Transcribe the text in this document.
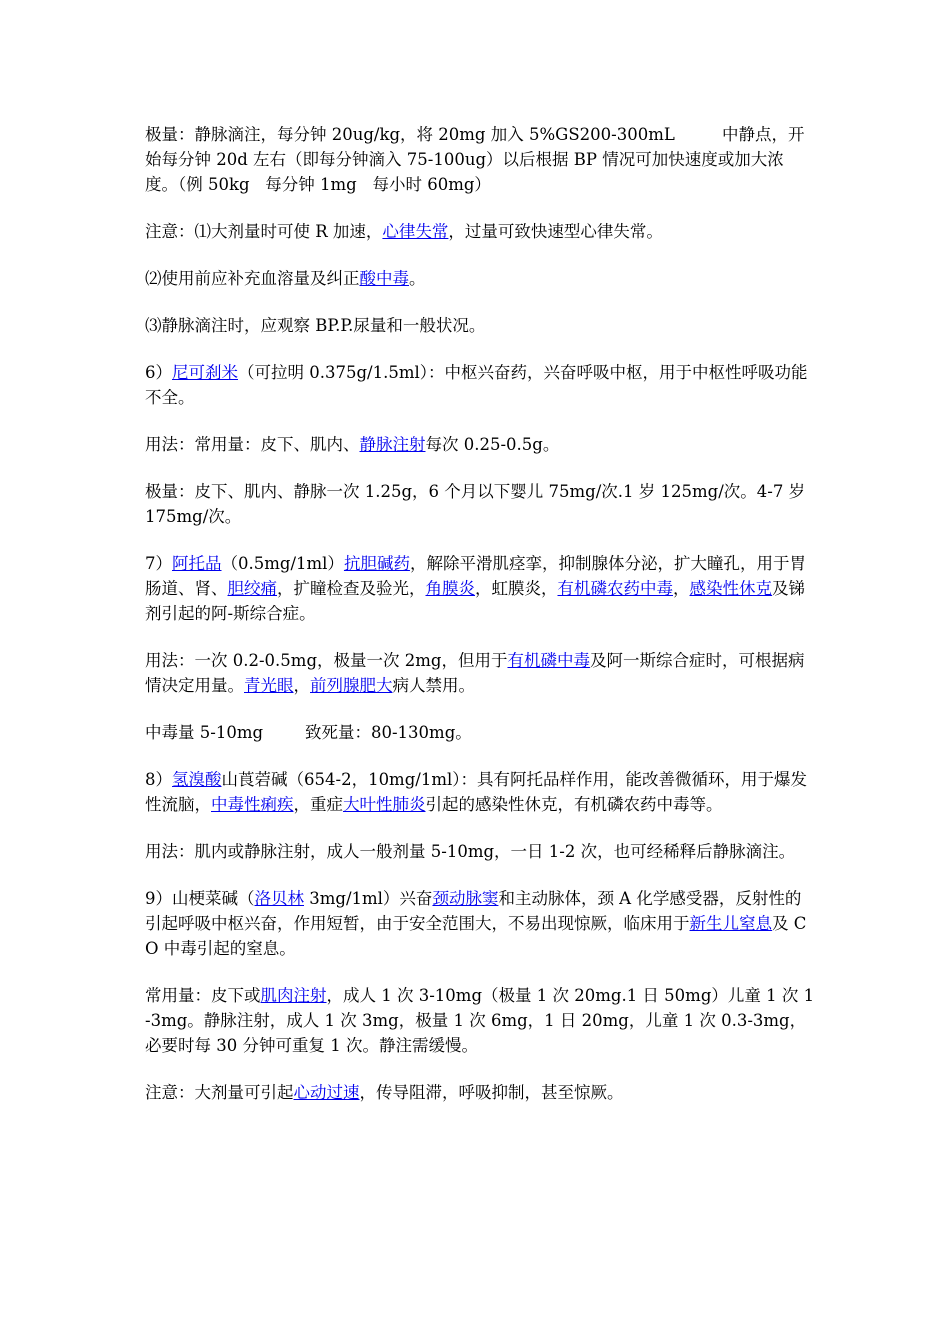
极量：静脉滴注，每分钟 20ug/kg，将 20mg 加入 5%GS200-300mL         中静点，开始每分钟 20d 左右（即每分钟滴入 75-100ug）以后根据 BP 情况可加快速度或加大浓度。（例 50kg   每分钟 1mg   每小时 60mg）

注意：⑴大剂量时可使 R 加速，心律失常，过量可致快速型心律失常。

⑵使用前应补充血溶量及纠正酸中毒。

⑶静脉滴注时，应观察 BP.P.尿量和一般状况。

6）尼可刹米（可拉明 0.375g/1.5ml）：中枢兴奋药，兴奋呼吸中枢，用于中枢性呼吸功能不全。

用法：常用量：皮下、肌内、静脉注射每次 0.25-0.5g。

极量：皮下、肌内、静脉一次 1.25g，6 个月以下婴儿 75mg/次.1 岁 125mg/次。4-7 岁 175mg/次。

7）阿托品（0.5mg/1ml）抗胆碱药，解除平滑肌痉挛，抑制腺体分泌，扩大瞳孔，用于胃肠道、肾、胆绞痛，扩瞳检查及验光，角膜炎，虹膜炎，有机磷农药中毒，感染性休克及锑剂引起的阿-斯综合症。

用法：一次 0.2-0.5mg，极量一次 2mg，但用于有机磷中毒及阿一斯综合症时，可根据病情决定用量。青光眼，前列腺肥大病人禁用。

中毒量 5-10mg        致死量：80-130mg。

8）氢溴酸山莨菪碱（654-2，10mg/1ml）：具有阿托品样作用，能改善微循环，用于爆发性流脑，中毒性痢疾，重症大叶性肺炎引起的感染性休克，有机磷农药中毒等。

用法：肌内或静脉注射，成人一般剂量 5-10mg，一日 1-2 次，也可经稀释后静脉滴注。

9）山梗菜碱（洛贝林 3mg/1ml）兴奋颈动脉窦和主动脉体，颈 A 化学感受器，反射性的引起呼吸中枢兴奋，作用短暂，由于安全范围大，不易出现惊厥，临床用于新生儿窒息及 CO 中毒引起的窒息。

常用量：皮下或肌肉注射，成人 1 次 3-10mg（极量 1 次 20mg.1 日 50mg）儿童 1 次 1-3mg。静脉注射，成人 1 次 3mg，极量 1 次 6mg，1 日 20mg，儿童 1 次 0.3-3mg，必要时每 30 分钟可重复 1 次。静注需缓慢。

注意：大剂量可引起心动过速，传导阻滞，呼吸抑制，甚至惊厥。
